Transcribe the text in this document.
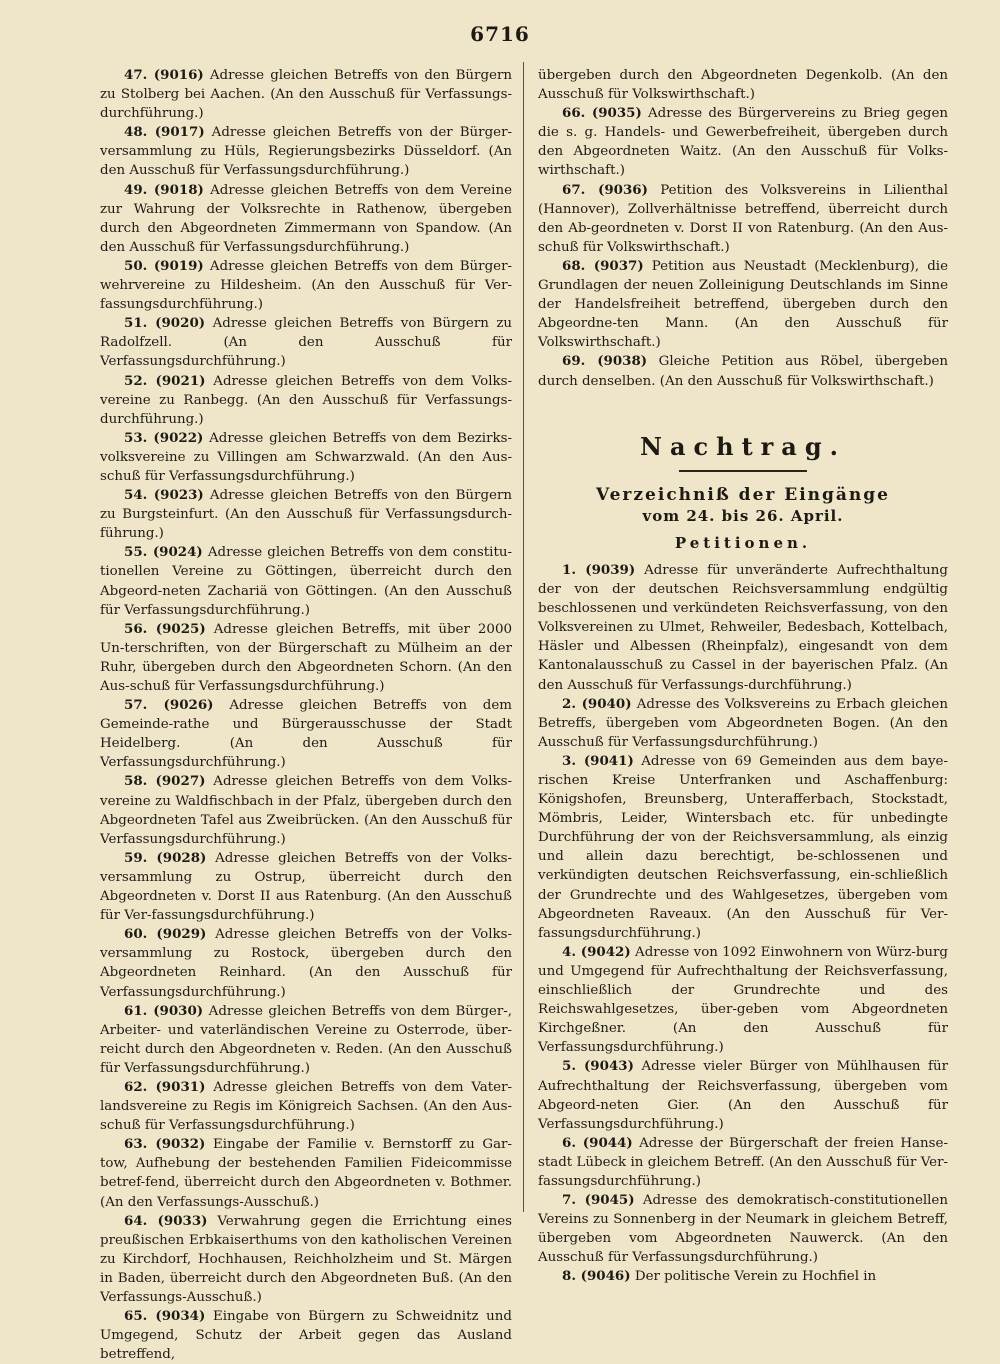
6716

47. (9016) Adresse gleichen Betreffs von den Bürgern zu Stolberg bei Aachen. (An den Ausschuß für Verfassungs-durchführung.)

48. (9017) Adresse gleichen Betreffs von der Bürger-versammlung zu Hüls, Regierungsbezirks Düsseldorf. (An den Ausschuß für Verfassungsdurchführung.)

49. (9018) Adresse gleichen Betreffs von dem Vereine zur Wahrung der Volksrechte in Rathenow, übergeben durch den Abgeordneten Zimmermann von Spandow. (An den Ausschuß für Verfassungsdurchführung.)

50. (9019) Adresse gleichen Betreffs von dem Bürger-wehrvereine zu Hildesheim. (An den Ausschuß für Ver-fassungsdurchführung.)

51. (9020) Adresse gleichen Betreffs von Bürgern zu Radolfzell. (An den Ausschuß für Verfassungsdurchführung.)

52. (9021) Adresse gleichen Betreffs von dem Volks-vereine zu Ranbegg. (An den Ausschuß für Verfassungs-durchführung.)

53. (9022) Adresse gleichen Betreffs von dem Bezirks-volksvereine zu Villingen am Schwarzwald. (An den Aus-schuß für Verfassungsdurchführung.)

54. (9023) Adresse gleichen Betreffs von den Bürgern zu Burgsteinfurt. (An den Ausschuß für Verfassungsdurch-führung.)

55. (9024) Adresse gleichen Betreffs von dem constitu-tionellen Vereine zu Göttingen, überreicht durch den Abgeord-neten Zachariä von Göttingen. (An den Ausschuß für Verfassungsdurchführung.)

56. (9025) Adresse gleichen Betreffs, mit über 2000 Un-terschriften, von der Bürgerschaft zu Mülheim an der Ruhr, übergeben durch den Abgeordneten Schorn. (An den Aus-schuß für Verfassungsdurchführung.)

57. (9026) Adresse gleichen Betreffs von dem Gemeinde-rathe und Bürgerausschusse der Stadt Heidelberg. (An den Ausschuß für Verfassungsdurchführung.)

58. (9027) Adresse gleichen Betreffs von dem Volks-vereine zu Waldfischbach in der Pfalz, übergeben durch den Abgeordneten Tafel aus Zweibrücken. (An den Ausschuß für Verfassungsdurchführung.)

59. (9028) Adresse gleichen Betreffs von der Volks-versammlung zu Ostrup, überreicht durch den Abgeordneten v. Dorst II aus Ratenburg. (An den Ausschuß für Ver-fassungsdurchführung.)

60. (9029) Adresse gleichen Betreffs von der Volks-versammlung zu Rostock, übergeben durch den Abgeordneten Reinhard. (An den Ausschuß für Verfassungsdurchführung.)

61. (9030) Adresse gleichen Betreffs von dem Bürger-, Arbeiter- und vaterländischen Vereine zu Osterrode, über-reicht durch den Abgeordneten v. Reden. (An den Ausschuß für Verfassungsdurchführung.)

62. (9031) Adresse gleichen Betreffs von dem Vater-landsvereine zu Regis im Königreich Sachsen. (An den Aus-schuß für Verfassungsdurchführung.)

63. (9032) Eingabe der Familie v. Bernstorff zu Gar-tow, Aufhebung der bestehenden Familien Fideicommisse betref-fend, überreicht durch den Abgeordneten v. Bothmer. (An den Verfassungs-Ausschuß.)

64. (9033) Verwahrung gegen die Errichtung eines preußischen Erbkaiserthums von den katholischen Vereinen zu Kirchdorf, Hochhausen, Reichholzheim und St. Märgen in Baden, überreicht durch den Abgeordneten Buß. (An den Verfassungs-Ausschuß.)

65. (9034) Eingabe von Bürgern zu Schweidnitz und Umgegend, Schutz der Arbeit gegen das Ausland betreffend,

übergeben durch den Abgeordneten Degenkolb. (An den Ausschuß für Volkswirthschaft.)

66. (9035) Adresse des Bürgervereins zu Brieg gegen die s. g. Handels- und Gewerbefreiheit, übergeben durch den Abgeordneten Waitz. (An den Ausschuß für Volks-wirthschaft.)

67. (9036) Petition des Volksvereins in Lilienthal (Hannover), Zollverhältnisse betreffend, überreicht durch den Ab-geordneten v. Dorst II von Ratenburg. (An den Aus-schuß für Volkswirthschaft.)

68. (9037) Petition aus Neustadt (Mecklenburg), die Grundlagen der neuen Zolleinigung Deutschlands im Sinne der Handelsfreiheit betreffend, übergeben durch den Abgeordne-ten Mann. (An den Ausschuß für Volkswirthschaft.)

69. (9038) Gleiche Petition aus Röbel, übergeben durch denselben. (An den Ausschuß für Volkswirthschaft.)

Nachtrag.
Verzeichniß der Eingänge
vom 24. bis 26. April.
Petitionen.

1. (9039) Adresse für unveränderte Aufrechthaltung der von der deutschen Reichsversammlung endgültig beschlossenen und verkündeten Reichsverfassung, von den Volksvereinen zu Ulmet, Rehweiler, Bedesbach, Kottelbach, Häsler und Albessen (Rheinpfalz), eingesandt von dem Kantonalausschuß zu Cassel in der bayerischen Pfalz. (An den Ausschuß für Verfassungs-durchführung.)

2. (9040) Adresse des Volksvereins zu Erbach gleichen Betreffs, übergeben vom Abgeordneten Bogen. (An den Ausschuß für Verfassungsdurchführung.)

3. (9041) Adresse von 69 Gemeinden aus dem baye-rischen Kreise Unterfranken und Aschaffenburg: Königshofen, Breunsberg, Unterafferbach, Stockstadt, Mömbris, Leider, Wintersbach etc. für unbedingte Durchführung der von der Reichsversammlung, als einzig und allein dazu berechtigt, be-schlossenen und verkündigten deutschen Reichsverfassung, ein-schließlich der Grundrechte und des Wahlgesetzes, übergeben vom Abgeordneten Raveaux. (An den Ausschuß für Ver-fassungsdurchführung.)

4. (9042) Adresse von 1092 Einwohnern von Würz-burg und Umgegend für Aufrechthaltung der Reichsverfassung, einschließlich der Grundrechte und des Reichswahlgesetzes, über-geben vom Abgeordneten Kirchgeßner. (An den Ausschuß für Verfassungsdurchführung.)

5. (9043) Adresse vieler Bürger von Mühlhausen für Aufrechthaltung der Reichsverfassung, übergeben vom Abgeord-neten Gier. (An den Ausschuß für Verfassungsdurchführung.)

6. (9044) Adresse der Bürgerschaft der freien Hanse-stadt Lübeck in gleichem Betreff. (An den Ausschuß für Ver-fassungsdurchführung.)

7. (9045) Adresse des demokratisch-constitutionellen Vereins zu Sonnenberg in der Neumark in gleichem Betreff, übergeben vom Abgeordneten Nauwerck. (An den Ausschuß für Verfassungsdurchführung.)

8. (9046) Der politische Verein zu Hochfiel in
